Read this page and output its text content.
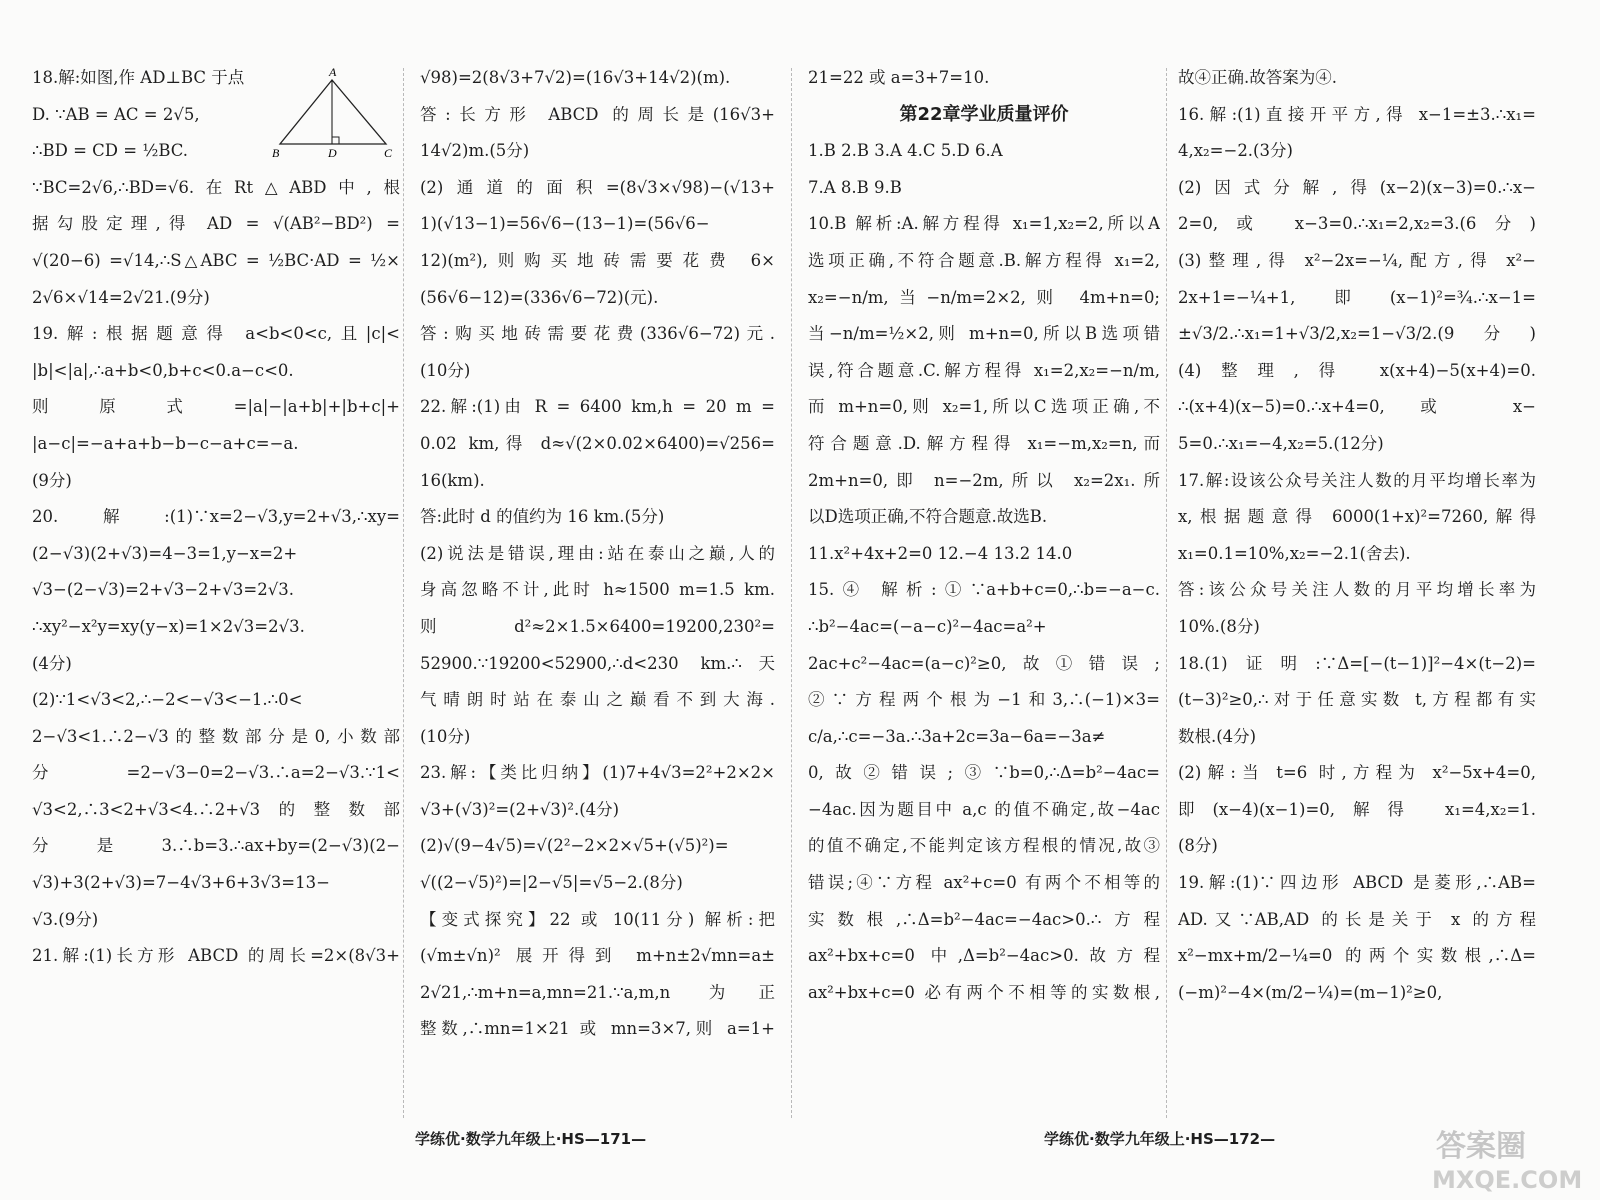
A
B	D	C

18.解:如图,作 AD⊥BC 于点

D. ∵AB = AC = 2√5,

∴BD = CD = ½BC.

∵BC=2√6,∴BD=√6.在Rt△ABD中,根

据勾股定理,得 AD = √(AB²−BD²) =

√(20−6) =√14,∴S△ABC = ½BC·AD = ½×

2√6×√14=2√21.(9分)

19.解:根据题意得 a<b<0<c,且|c|<

|b|<|a|,∴a+b<0,b+c<0.a−c<0.

则原式=|a|−|a+b|+|b+c|+

|a−c|=−a+a+b−b−c−a+c=−a.

(9分)

20.解:(1)∵x=2−√3,y=2+√3,∴xy=

(2−√3)(2+√3)=4−3=1,y−x=2+

√3−(2−√3)=2+√3−2+√3=2√3.

∴xy²−x²y=xy(y−x)=1×2√3=2√3.

(4分)

(2)∵1<√3<2,∴−2<−√3<−1.∴0<

2−√3<1.∴2−√3的整数部分是0,小数部

分=2−√3−0=2−√3.∴a=2−√3.∵1<

√3<2,∴3<2+√3<4.∴2+√3的整数部

分是3.∴b=3.∴ax+by=(2−√3)(2−

√3)+3(2+√3)=7−4√3+6+3√3=13−

√3.(9分)

21.解:(1)长方形 ABCD 的周长=2×(8√3+

√98)=2(8√3+7√2)=(16√3+14√2)(m).

答:长方形 ABCD 的周长是(16√3+

14√2)m.(5分)

(2)通道的面积=(8√3×√98)−(√13+

1)(√13−1)=56√6−(13−1)=(56√6−

12)(m²),则购买地砖需要花费 6×

(56√6−12)=(336√6−72)(元).

答:购买地砖需要花费(336√6−72)元.

(10分)

22.解:(1)由 R = 6400 km,h = 20 m =

0.02 km,得 d≈√(2×0.02×6400)=√256=

16(km).

答:此时 d 的值约为 16 km.(5分)

(2)说法是错误,理由:站在泰山之巅,人的

身高忽略不计,此时 h≈1500 m=1.5 km.

则 d²≈2×1.5×6400=19200,230²=

52900.∵19200<52900,∴d<230 km.∴天

气晴朗时站在泰山之巅看不到大海.

(10分)

23.解:【类比归纳】(1)7+4√3=2²+2×2×

√3+(√3)²=(2+√3)².(4分)

(2)√(9−4√5)=√(2²−2×2×√5+(√5)²)=

√((2−√5)²)=|2−√5|=√5−2.(8分)

【变式探究】22 或 10(11分) 解析:把

(√m±√n)² 展开得到 m+n±2√mn=a±

2√21,∴m+n=a,mn=21.∵a,m,n 为正

整数,∴mn=1×21 或 mn=3×7,则 a=1+

21=22 或 a=3+7=10.

第22章学业质量评价

1.B 2.B 3.A 4.C 5.D 6.A

7.A 8.B 9.B

10.B 解析:A.解方程得 x₁=1,x₂=2,所以A

选项正确,不符合题意.B.解方程得 x₁=2,

x₂=−n/m,当−n/m=2×2,则 4m+n=0;

当−n/m=½×2,则 m+n=0,所以B选项错

误,符合题意.C.解方程得 x₁=2,x₂=−n/m,

而 m+n=0,则 x₂=1,所以C选项正确,不

符合题意.D.解方程得 x₁=−m,x₂=n,而

2m+n=0,即 n=−2m,所以 x₂=2x₁.所

以D选项正确,不符合题意.故选B.

11.x²+4x+2=0 12.−4 13.2 14.0

15.④ 解析:①∵a+b+c=0,∴b=−a−c.

∴b²−4ac=(−a−c)²−4ac=a²+

2ac+c²−4ac=(a−c)²≥0,故①错误;

②∵方程两个根为−1和3,∴(−1)×3=

c/a,∴c=−3a.∴3a+2c=3a−6a=−3a≠

0,故②错误;③∵b=0,∴Δ=b²−4ac=

−4ac.因为题目中 a,c 的值不确定,故−4ac

的值不确定,不能判定该方程根的情况,故③

错误;④∵方程 ax²+c=0 有两个不相等的

实数根,∴Δ=b²−4ac=−4ac>0.∴方程

ax²+bx+c=0 中,Δ=b²−4ac>0.故方程

ax²+bx+c=0 必有两个不相等的实数根,

故④正确.故答案为④.

16.解:(1)直接开平方,得 x−1=±3.∴x₁=

4,x₂=−2.(3分)

(2)因式分解,得(x−2)(x−3)=0.∴x−

2=0,或 x−3=0.∴x₁=2,x₂=3.(6分)

(3)整理,得 x²−2x=−¼,配方,得 x²−

2x+1=−¼+1,即(x−1)²=¾.∴x−1=

±√3/2.∴x₁=1+√3/2,x₂=1−√3/2.(9分)

(4)整理,得 x(x+4)−5(x+4)=0.

∴(x+4)(x−5)=0.∴x+4=0,或 x−

5=0.∴x₁=−4,x₂=5.(12分)

17.解:设该公众号关注人数的月平均增长率为

x,根据题意得 6000(1+x)²=7260,解得

x₁=0.1=10%,x₂=−2.1(舍去).

答:该公众号关注人数的月平均增长率为

10%.(8分)

18.(1)证明:∵Δ=[−(t−1)]²−4×(t−2)=

(t−3)²≥0,∴对于任意实数 t,方程都有实

数根.(4分)

(2)解:当 t=6 时,方程为 x²−5x+4=0,

即(x−4)(x−1)=0,解得 x₁=4,x₂=1.

(8分)

19.解:(1)∵四边形 ABCD 是菱形,∴AB=

AD.又∵AB,AD 的长是关于 x 的方程

x²−mx+m/2−¼=0 的两个实数根,∴Δ=

(−m)²−4×(m/2−¼)=(m−1)²≥0,

学练优·数学九年级上·HS—171—	学练优·数学九年级上·HS—172—	答案圈
MXQE.COM
